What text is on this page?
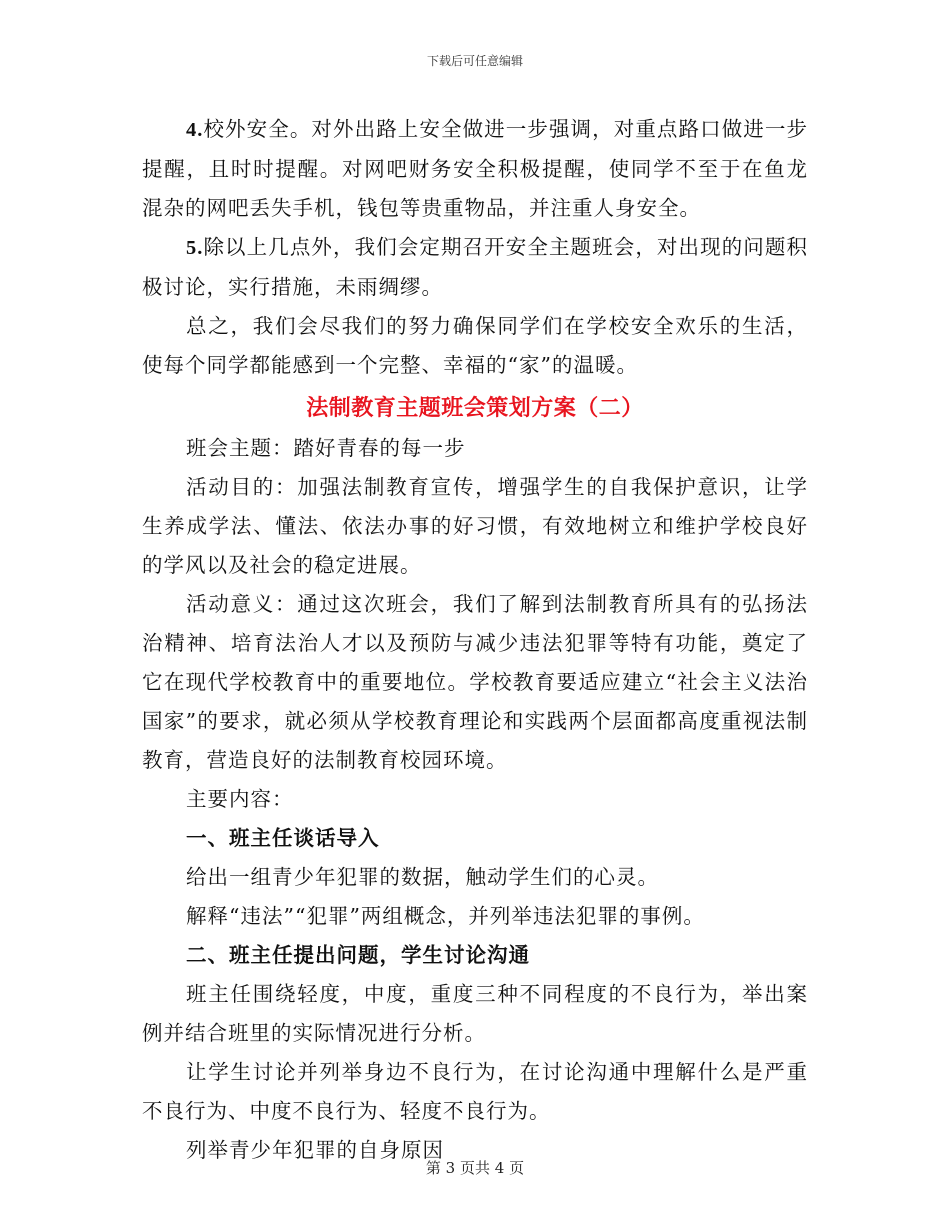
下载后可任意编辑

4.校外安全。对外出路上安全做进一步强调，对重点路口做进一步提醒，且时时提醒。对网吧财务安全积极提醒，使同学不至于在鱼龙混杂的网吧丢失手机，钱包等贵重物品，并注重人身安全。

5.除以上几点外，我们会定期召开安全主题班会，对出现的问题积极讨论，实行措施，未雨绸缪。

总之，我们会尽我们的努力确保同学们在学校安全欢乐的生活，使每个同学都能感到一个完整、幸福的“家”的温暖。

法制教育主题班会策划方案（二）

班会主题：踏好青春的每一步

活动目的：加强法制教育宣传，增强学生的自我保护意识，让学生养成学法、懂法、依法办事的好习惯，有效地树立和维护学校良好的学风以及社会的稳定进展。

活动意义：通过这次班会，我们了解到法制教育所具有的弘扬法治精神、培育法治人才以及预防与减少违法犯罪等特有功能，奠定了它在现代学校教育中的重要地位。学校教育要适应建立“社会主义法治国家”的要求，就必须从学校教育理论和实践两个层面都高度重视法制教育，营造良好的法制教育校园环境。

主要内容：

一、班主任谈话导入

给出一组青少年犯罪的数据，触动学生们的心灵。

解释“违法”“犯罪”两组概念，并列举违法犯罪的事例。

二、班主任提出问题，学生讨论沟通

班主任围绕轻度，中度，重度三种不同程度的不良行为，举出案例并结合班里的实际情况进行分析。

让学生讨论并列举身边不良行为，在讨论沟通中理解什么是严重不良行为、中度不良行为、轻度不良行为。

列举青少年犯罪的自身原因

第 3 页共 4 页
